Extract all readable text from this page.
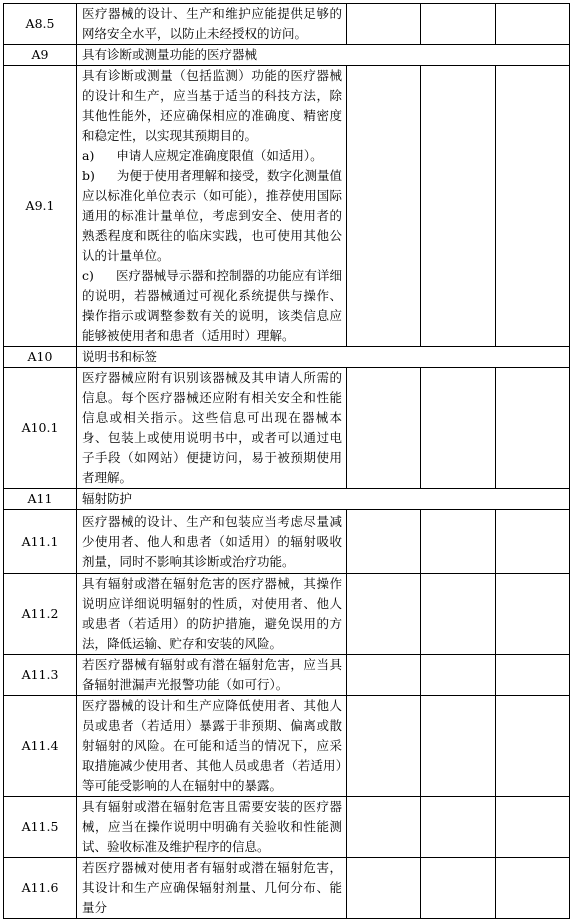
A8.5	医疗器械的设计、生产和维护应能提供足够的网络安全水平，以防止未经授权的访问。			

A9	具有诊断或测量功能的医疗器械			
A9.1	具有诊断或测量（包括监测）功能的医疗器械的设计和生产，应当基于适当的科技方法，除其他性能外，还应确保相应的准确度、精密度和稳定性，以实现其预期目的。

a) 申请人应规定准确度限值（如适用）。

b) 为便于使用者理解和接受，数字化测量值应以标准化单位表示（如可能），推荐使用国际通用的标准计量单位，考虑到安全、使用者的熟悉程度和既往的临床实践，也可使用其他公认的计量单位。

c) 医疗器械导示器和控制器的功能应有详细的说明，若器械通过可视化系统提供与操作、操作指示或调整参数有关的说明，该类信息应能够被使用者和患者（适用时）理解。			

A10	说明书和标签			
A10.1	医疗器械应附有识别该器械及其申请人所需的信息。每个医疗器械还应附有相关安全和性能信息或相关指示。这些信息可出现在器械本身、包装上或使用说明书中，或者可以通过电子手段（如网站）便捷访问，易于被预期使用者理解。			

A11	辐射防护			
A11.1	医疗器械的设计、生产和包装应当考虑尽量减少使用者、他人和患者（如适用）的辐射吸收剂量，同时不影响其诊断或治疗功能。			

A11.2	具有辐射或潜在辐射危害的医疗器械，其操作说明应详细说明辐射的性质，对使用者、他人或患者（若适用）的防护措施，避免误用的方法，降低运输、贮存和安装的风险。			

A11.3	若医疗器械有辐射或有潜在辐射危害，应当具备辐射泄漏声光报警功能（如可行）。			

A11.4	医疗器械的设计和生产应降低使用者、其他人员或患者（若适用）暴露于非预期、偏离或散射辐射的风险。在可能和适当的情况下，应采取措施减少使用者、其他人员或患者（若适用）等可能受影响的人在辐射中的暴露。			

A11.5	具有辐射或潜在辐射危害且需要安装的医疗器械，应当在操作说明中明确有关验收和性能测试、验收标准及维护程序的信息。			

A11.6	若医疗器械对使用者有辐射或潜在辐射危害，其设计和生产应确保辐射剂量、几何分布、能量分			
